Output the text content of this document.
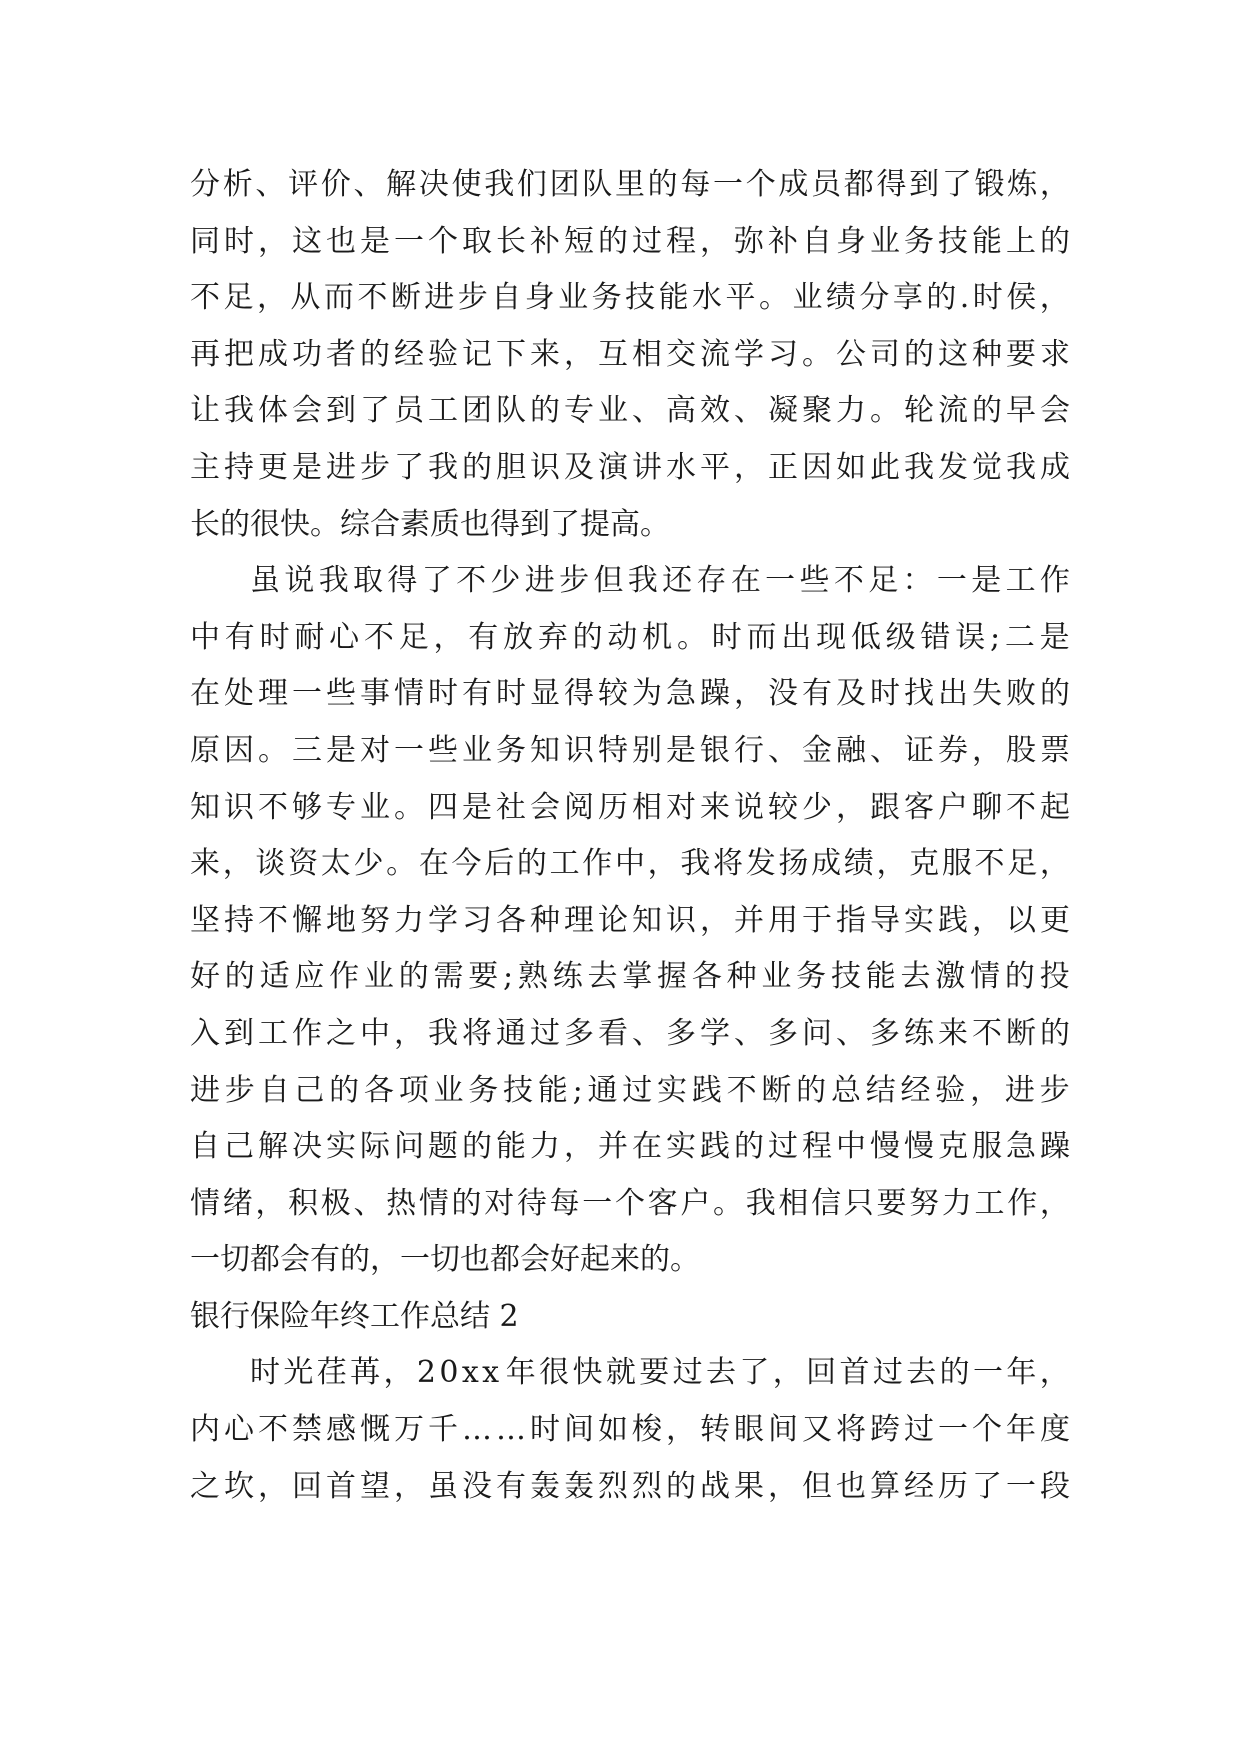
分 析 、 评 价 、 解 决 使 我 们 团 队 里 的 每 一 个 成 员 都 得 到 了 锻 炼 ，
同 时 ， 这 也 是 一 个 取 长 补 短 的 过 程 ， 弥 补 自 身 业 务 技 能 上 的
不 足 ， 从 而 不 断 进 步 自 身 业 务 技 能 水 平 。 业 绩 分 享 的 . 时 侯 ，
再 把 成 功 者 的 经 验 记 下 来 ， 互 相 交 流 学 习 。 公 司 的 这 种 要 求
让 我 体 会 到 了 员 工 团 队 的 专 业 、 高 效 、 凝 聚 力 。 轮 流 的 早 会
主 持 更 是 进 步 了 我 的 胆 识 及 演 讲 水 平 ， 正 因 如 此 我 发 觉 我 成
长的很快。综合素质也得到了提高。
虽 说 我 取 得 了 不 少 进 步 但 我 还 存 在 一 些 不 足 ： 一 是 工 作
中 有 时 耐 心 不 足 ， 有 放 弃 的 动 机 。 时 而 出 现 低 级 错 误 ; 二 是
在 处 理 一 些 事 情 时 有 时 显 得 较 为 急 躁 ， 没 有 及 时 找 出 失 败 的
原 因 。 三 是 对 一 些 业 务 知 识 特 别 是 银 行 、 金 融 、 证 券 ， 股 票
知 识 不 够 专 业 。 四 是 社 会 阅 历 相 对 来 说 较 少 ， 跟 客 户 聊 不 起
来 ， 谈 资 太 少 。 在 今 后 的 工 作 中 ， 我 将 发 扬 成 绩 ， 克 服 不 足 ，
坚 持 不 懈 地 努 力 学 习 各 种 理 论 知 识 ， 并 用 于 指 导 实 践 ， 以 更
好 的 适 应 作 业 的 需 要 ; 熟 练 去 掌 握 各 种 业 务 技 能 去 激 情 的 投
入 到 工 作 之 中 ， 我 将 通 过 多 看 、 多 学 、 多 问 、 多 练 来 不 断 的
进 步 自 己 的 各 项 业 务 技 能 ; 通 过 实 践 不 断 的 总 结 经 验 ， 进 步
自 己 解 决 实 际 问 题 的 能 力 ， 并 在 实 践 的 过 程 中 慢 慢 克 服 急 躁
情 绪 ， 积 极 、 热 情 的 对 待 每 一 个 客 户 。 我 相 信 只 要 努 力 工 作 ，
一切都会有的，一切也都会好起来的。
银行保险年终工作总结 2
时 光 荏 苒 ， 2 0 x x 年 很 快 就 要 过 去 了 ， 回 首 过 去 的 一 年 ，
内 心 不 禁 感 慨 万 千 … … 时 间 如 梭 ， 转 眼 间 又 将 跨 过 一 个 年 度
之 坎 ， 回 首 望 ， 虽 没 有 轰 轰 烈 烈 的 战 果 ， 但 也 算 经 历 了 一 段
